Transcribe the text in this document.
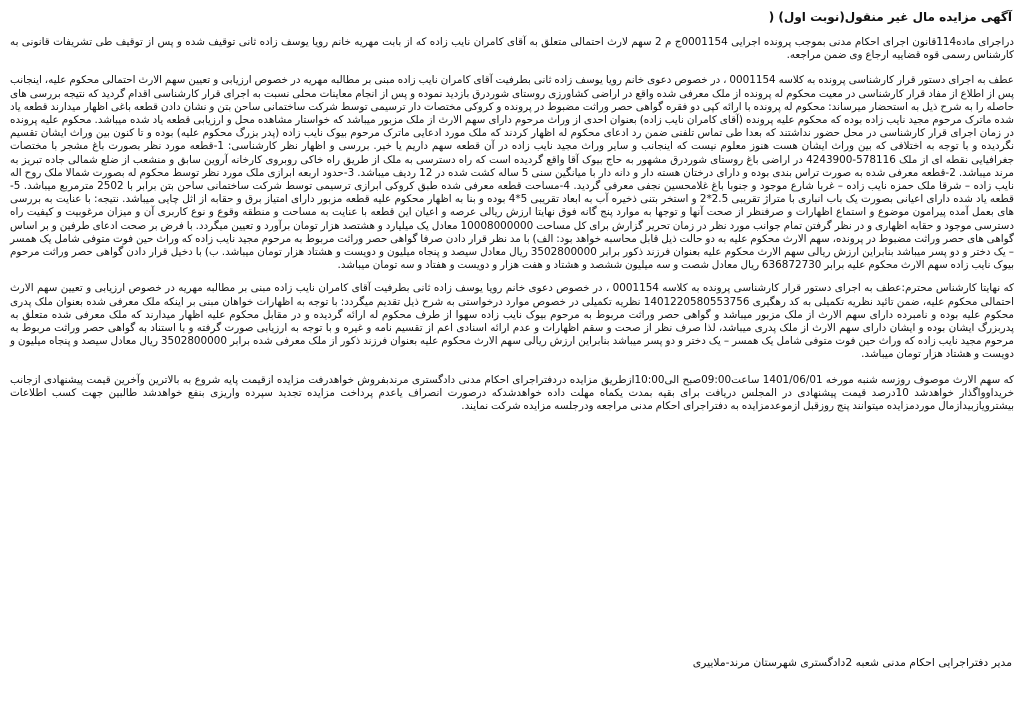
آگهی مزایده مال غیر منقول(نوبت اول) (

دراجرای ماده114قانون اجرای احکام مدنی بموجب پرونده اجرایی 0001154ج م 2 سهم لارث احتمالی متعلق به آقای کامران نایب زاده که از بابت مهریه خانم رویا یوسف زاده ثانی توقیف شده و پس از توقیف طی تشریفات قانونی به کارشناس رسمی قوه قضاییه ارجاع وی ضمن مراجعه.

عطف به اجرای دستور قرار کارشناسی پرونده به کلاسه 0001154 ، در خصوص دعوی خانم رویا یوسف زاده ثانی بطرفیت آقای کامران نایب زاده مبنی بر مطالبه مهریه در خصوص ارزیابی و تعیین سهم الارث احتمالی محکوم علیه، اینجانب پس از اطلاع از مفاد قرار کارشناسی در معیت محکوم له پرونده از ملک معرفی شده واقع در اراضی کشاورزی روستای شوردرق بازدید نموده و پس از انجام معاینات محلی نسبت به اجرای قرار کارشناسی اقدام گردید که نتیجه بررسی های حاصله را به شرح ذیل به استحضار میرساند: محکوم له پرونده با ارائه کپی دو فقره گواهی حصر وراثت مضبوط در پرونده و کروکی مختصات دار ترسیمی توسط شرکت ساختمانی ساحن بتن و نشان دادن قطعه باغی اظهار میدارند قطعه یاد شده ماترک مرحوم مجید نایب زاده بوده که محکوم علیه پرونده (آقای کامران نایب زاده) بعنوان احدی از وراث مرحوم دارای سهم الارث از ملک مزبور میباشد که خواستار مشاهده محل و ارزیابی قطعه یاد شده میباشد. محکوم علیه پرونده در زمان اجرای قرار کارشناسی در محل حضور نداشتند که بعدا طی تماس تلفنی ضمن رد ادعای محکوم له اظهار کردند که ملک مورد ادعایی ماترک مرحوم بیوک نایب زاده (پدر بزرگ محکوم علیه) بوده و تا کنون بین وراث ایشان تقسیم نگردیده و با توجه به اختلافی که بین وراث ایشان هست هنوز معلوم نیست که اینجانب و سایر وراث مجید نایب زاده در آن قطعه سهم داریم یا خیر. بررسی و اظهار نظر کارشناسی: 1-قطعه مورد نظر بصورت باغ مشجر با مختصات جغرافیایی نقطه ای از ملک 578116-4243900 در اراضی باغ روستای شوردرق مشهور به حاج بیوک آقا واقع گردیده است که راه دسترسی به ملک از طریق راه خاکی روبروی کارخانه آروین سابق و منشعب از ضلع شمالی جاده تبریز به مرند میباشد. 2-قطعه معرفی شده به صورت تراس بندی بوده و دارای درختان هسته دار و دانه دار با میانگین سنی 5 ساله کشت شده در 12 ردیف میباشد. 3-حدود اربعه ابرازی ملک مورد نظر توسط محکوم له بصورت شمالا ملک روح اله نایب زاده – شرقا ملک حمزه نایب زاده – غربا شارع موجود و جنوبا باغ غلامحسین نجفی معرفی گردید. 4-مساحت قطعه معرفی شده طبق کروکی ابرازی ترسیمی توسط شرکت ساختمانی ساحن بتن برابر با 2502 مترمربع میباشد. 5-قطعه یاد شده دارای اعیانی بصورت یک باب انباری با متراژ تقریبی 2.5*2 و استخر بتنی ذخیره آب به ابعاد تقریبی 5*4 بوده و بنا به اظهار محکوم علیه قطعه مزبور دارای امتیاز برق و حقابه از اثل چایی میباشد. نتیجه: با عنایت به بررسی های بعمل آمده پیرامون موضوع و استماع اظهارات و صرفنظر از صحت آنها و توجها به موارد پنج گانه فوق نهایتا ارزش ریالی عرصه و اعیان این قطعه با عنایت به مساحت و منطقه وقوع و نوع کاربری آن و میزان مرغوبیت و کیفیت راه دسترسی موجود و حقابه اظهاری و در نظر گرفتن تمام جوانب مورد نظر در زمان تحریر گزارش برای کل مساحت 10008000000 معادل یک میلیارد و هشتصد هزار تومان برآورد و تعیین میگردد. با فرض بر صحت ادعای طرفین و بر اساس گواهی های حصر وراثت مضبوط در پرونده، سهم الارث محکوم علیه به دو حالت ذیل قابل محاسبه خواهد بود: الف) با مد نظر قرار دادن صرفا گواهی حصر وراثت مربوط به مرحوم مجید نایب زاده که وراث حین فوت متوفی شامل یک همسر – یک دختر و دو پسر میباشد بنابراین ارزش ریالی سهم الارث محکوم علیه بعنوان فرزند ذکور برابر 3502800000 ریال معادل سیصد و پنجاه میلیون و دویست و هشتاد هزار تومان میباشد. ب) با دخیل قرار دادن گواهی حصر وراثت مرحوم بیوک نایب زاده سهم الارث محکوم علیه برابر 636872730 ریال معادل شصت و سه میلیون ششصد و هشتاد و هفت هزار و دویست و هفتاد و سه تومان میباشد.

که نهایتا کارشناس محترم:عطف به اجرای دستور قرار کارشناسی پرونده به کلاسه 0001154 ، در خصوص دعوی خانم رویا یوسف زاده ثانی بطرفیت آقای کامران نایب زاده مبنی بر مطالبه مهریه در خصوص ارزیابی و تعیین سهم الارث احتمالی محکوم علیه، ضمن تائید نظریه تکمیلی به کد رهگیری 1401220580553756 نظریه تکمیلی در خصوص موارد درخواستی به شرح ذیل تقدیم میگردد: با توجه به اظهارات خواهان مبنی بر اینکه ملک معرفی شده بعنوان ملک پدری محکوم علیه بوده و نامبرده دارای سهم الارث از ملک مزبور میباشد و گواهی حصر وراثت مربوط به مرحوم بیوک نایب زاده سهوا از طرف محکوم له ارائه گردیده و در مقابل محکوم علیه اظهار میدارند که ملک معرفی شده متعلق به پدربزرگ ایشان بوده و ایشان دارای سهم الارث از ملک پدری میباشد، لذا صرف نظر از صحت و سقم اظهارات و عدم ارائه اسنادی اعم از تقسیم نامه و غیره و با توجه به ارزیابی صورت گرفته و با استناد به گواهی حصر وراثت مربوط به مرحوم مجید نایب زاده که وراث حین فوت متوفی شامل یک همسر – یک دختر و دو پسر میباشد بنابراین ارزش ریالی سهم الارث محکوم علیه بعنوان فرزند ذکور از ملک معرفی شده برابر 3502800000 ریال معادل سیصد و پنجاه میلیون و دویست و هشتاد هزار تومان میباشد.

که سهم الارث موصوف روزسه شنبه مورخه 1401/06/01 ساعت09:00صبح الی10:00ازطریق مزایده دردفتراجرای احکام مدنی دادگستری مرندبفروش خواهدرفت مزایده ازقیمت پایه شروع به بالاترین وآخرین قیمت پیشنهادی ازجانب خریداوواگذار خواهدشد 10درصد قیمت پیشنهادی در المجلس دریافت برای بقیه بمدت یکماه مهلت داده خواهدشدکه درصورت انصراف یاعدم پرداخت مزایده تجدید سپرده واریزی بنفع خواهدشد طالبین جهت کسب اطلاعات بیشترویازبیدازمال موردمزایده میتوانند پنج روزقبل ازموعدمزایده به دفتراجرای احکام مدنی مراجعه ودرجلسه مزایده شرکت نمایند.

مدیر دفتراجرایی احکام مدنی شعبه 2دادگستری شهرستان مرند-ملاییری
